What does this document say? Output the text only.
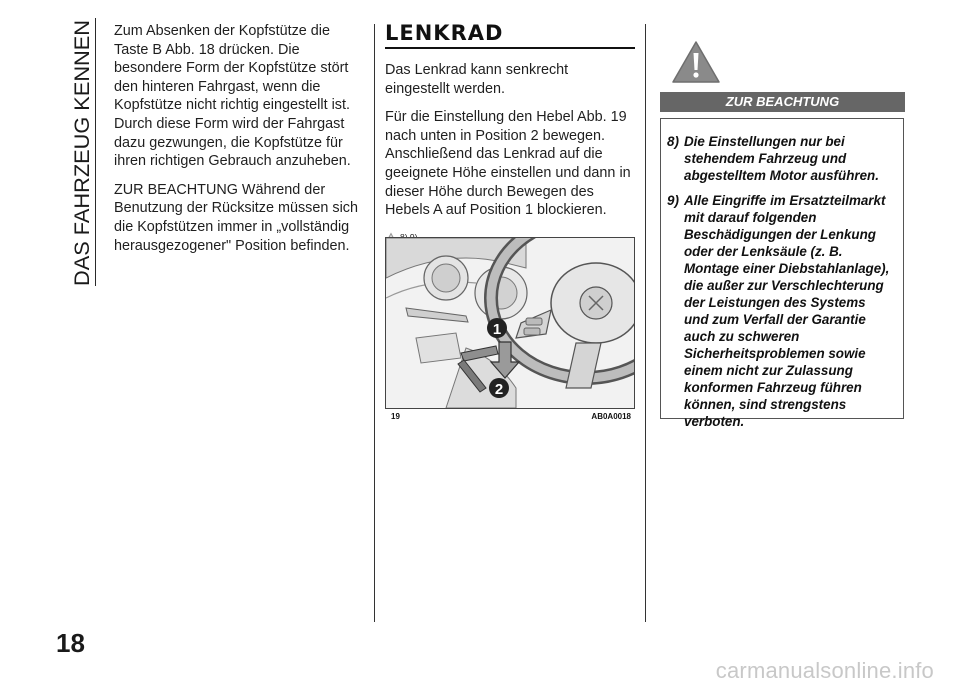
DAS FAHRZEUG KENNEN Zum Absenken der Kopfstütze die Taste B Abb. 18 drücken. Die besondere Form der Kopfstütze stört den hinteren Fahrgast, wenn die Kopfstütze nicht richtig eingestellt ist. Durch diese Form wird der Fahrgast dazu gezwungen, die Kopfstütze für ihren richtigen Gebrauch anzuheben.

ZUR BEACHTUNG Während der Benutzung der Rücksitze müssen sich die Kopfstützen immer in „vollständig herausgezogener" Position befinden.

LENKRAD

Das Lenkrad kann senkrecht eingestellt werden.

Für die Einstellung den Hebel Abb. 19 nach unten in Position 2 bewegen. Anschließend das Lenkrad auf die geeignete Höhe einstellen und dann in dieser Höhe durch Bewegen des Hebels A auf Position 1 blockieren.

1
2
19	AB0A0018
ZUR BEACHTUNG
8) Die Einstellungen nur bei stehendem Fahrzeug und abgestelltem Motor ausführen.
9) Alle Eingriffe im Ersatzteilmarkt mit darauf folgenden Beschädigungen der Lenkung oder der Lenksäule (z. B. Montage einer Diebstahlanlage), die außer zur Verschlechterung der Leistungen des Systems und zum Verfall der Garantie auch zu schweren Sicherheitsproblemen sowie einem nicht zur Zulassung konformen Fahrzeug führen können, sind strengstens verboten.
18
carmanualsonline.info
